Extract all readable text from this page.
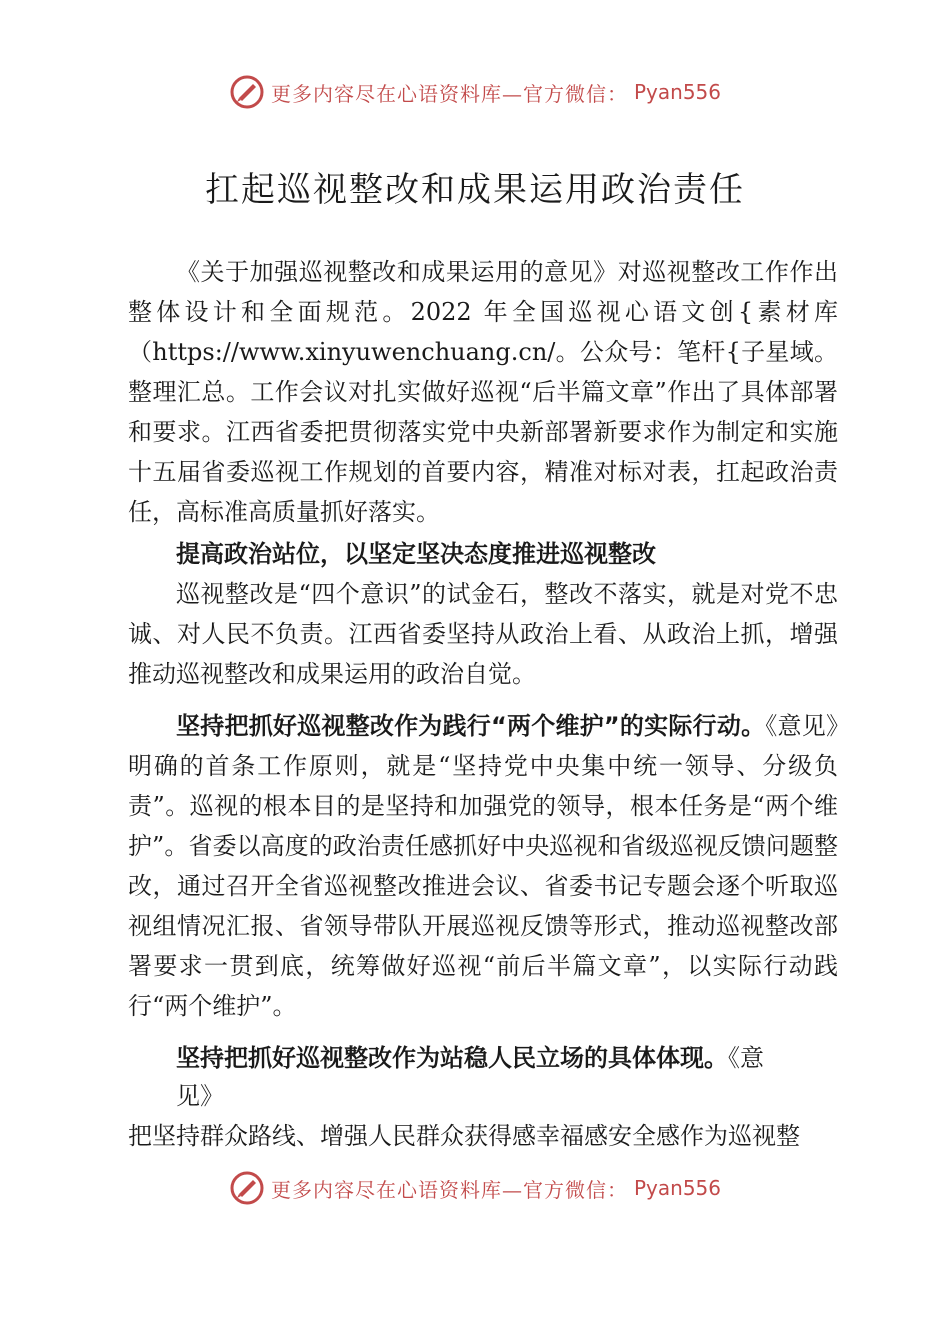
更多内容尽在心语资料库—官方微信： Pyan556
扛起巡视整改和成果运用政治责任

《关于加强巡视整改和成果运用的意见》对巡视整改工作作出整体设计和全面规范。2022 年全国巡视心语文创{素材库（https://www.xinyuwenchuang.cn/。公众号：笔杆{子星域。整理汇总。工作会议对扎实做好巡视“后半篇文章”作出了具体部署和要求。江西省委把贯彻落实党中央新部署新要求作为制定和实施十五届省委巡视工作规划的首要内容，精准对标对表，扛起政治责任，高标准高质量抓好落实。

提高政治站位，以坚定坚决态度推进巡视整改

巡视整改是“四个意识”的试金石，整改不落实，就是对党不忠诚、对人民不负责。江西省委坚持从政治上看、从政治上抓，增强推动巡视整改和成果运用的政治自觉。

坚持把抓好巡视整改作为践行“两个维护”的实际行动。《意见》明确的首条工作原则，就是“坚持党中央集中统一领导、分级负责”。巡视的根本目的是坚持和加强党的领导，根本任务是“两个维护”。省委以高度的政治责任感抓好中央巡视和省级巡视反馈问题整改，通过召开全省巡视整改推进会议、省委书记专题会逐个听取巡视组情况汇报、省领导带队开展巡视反馈等形式，推动巡视整改部署要求一贯到底，统筹做好巡视“前后半篇文章”，以实际行动践行“两个维护”。

坚持把抓好巡视整改作为站稳人民立场的具体体现。《意

见》

把坚持群众路线、增强人民群众获得感幸福感安全感作为巡视整

更多内容尽在心语资料库—官方微信： Pyan556
